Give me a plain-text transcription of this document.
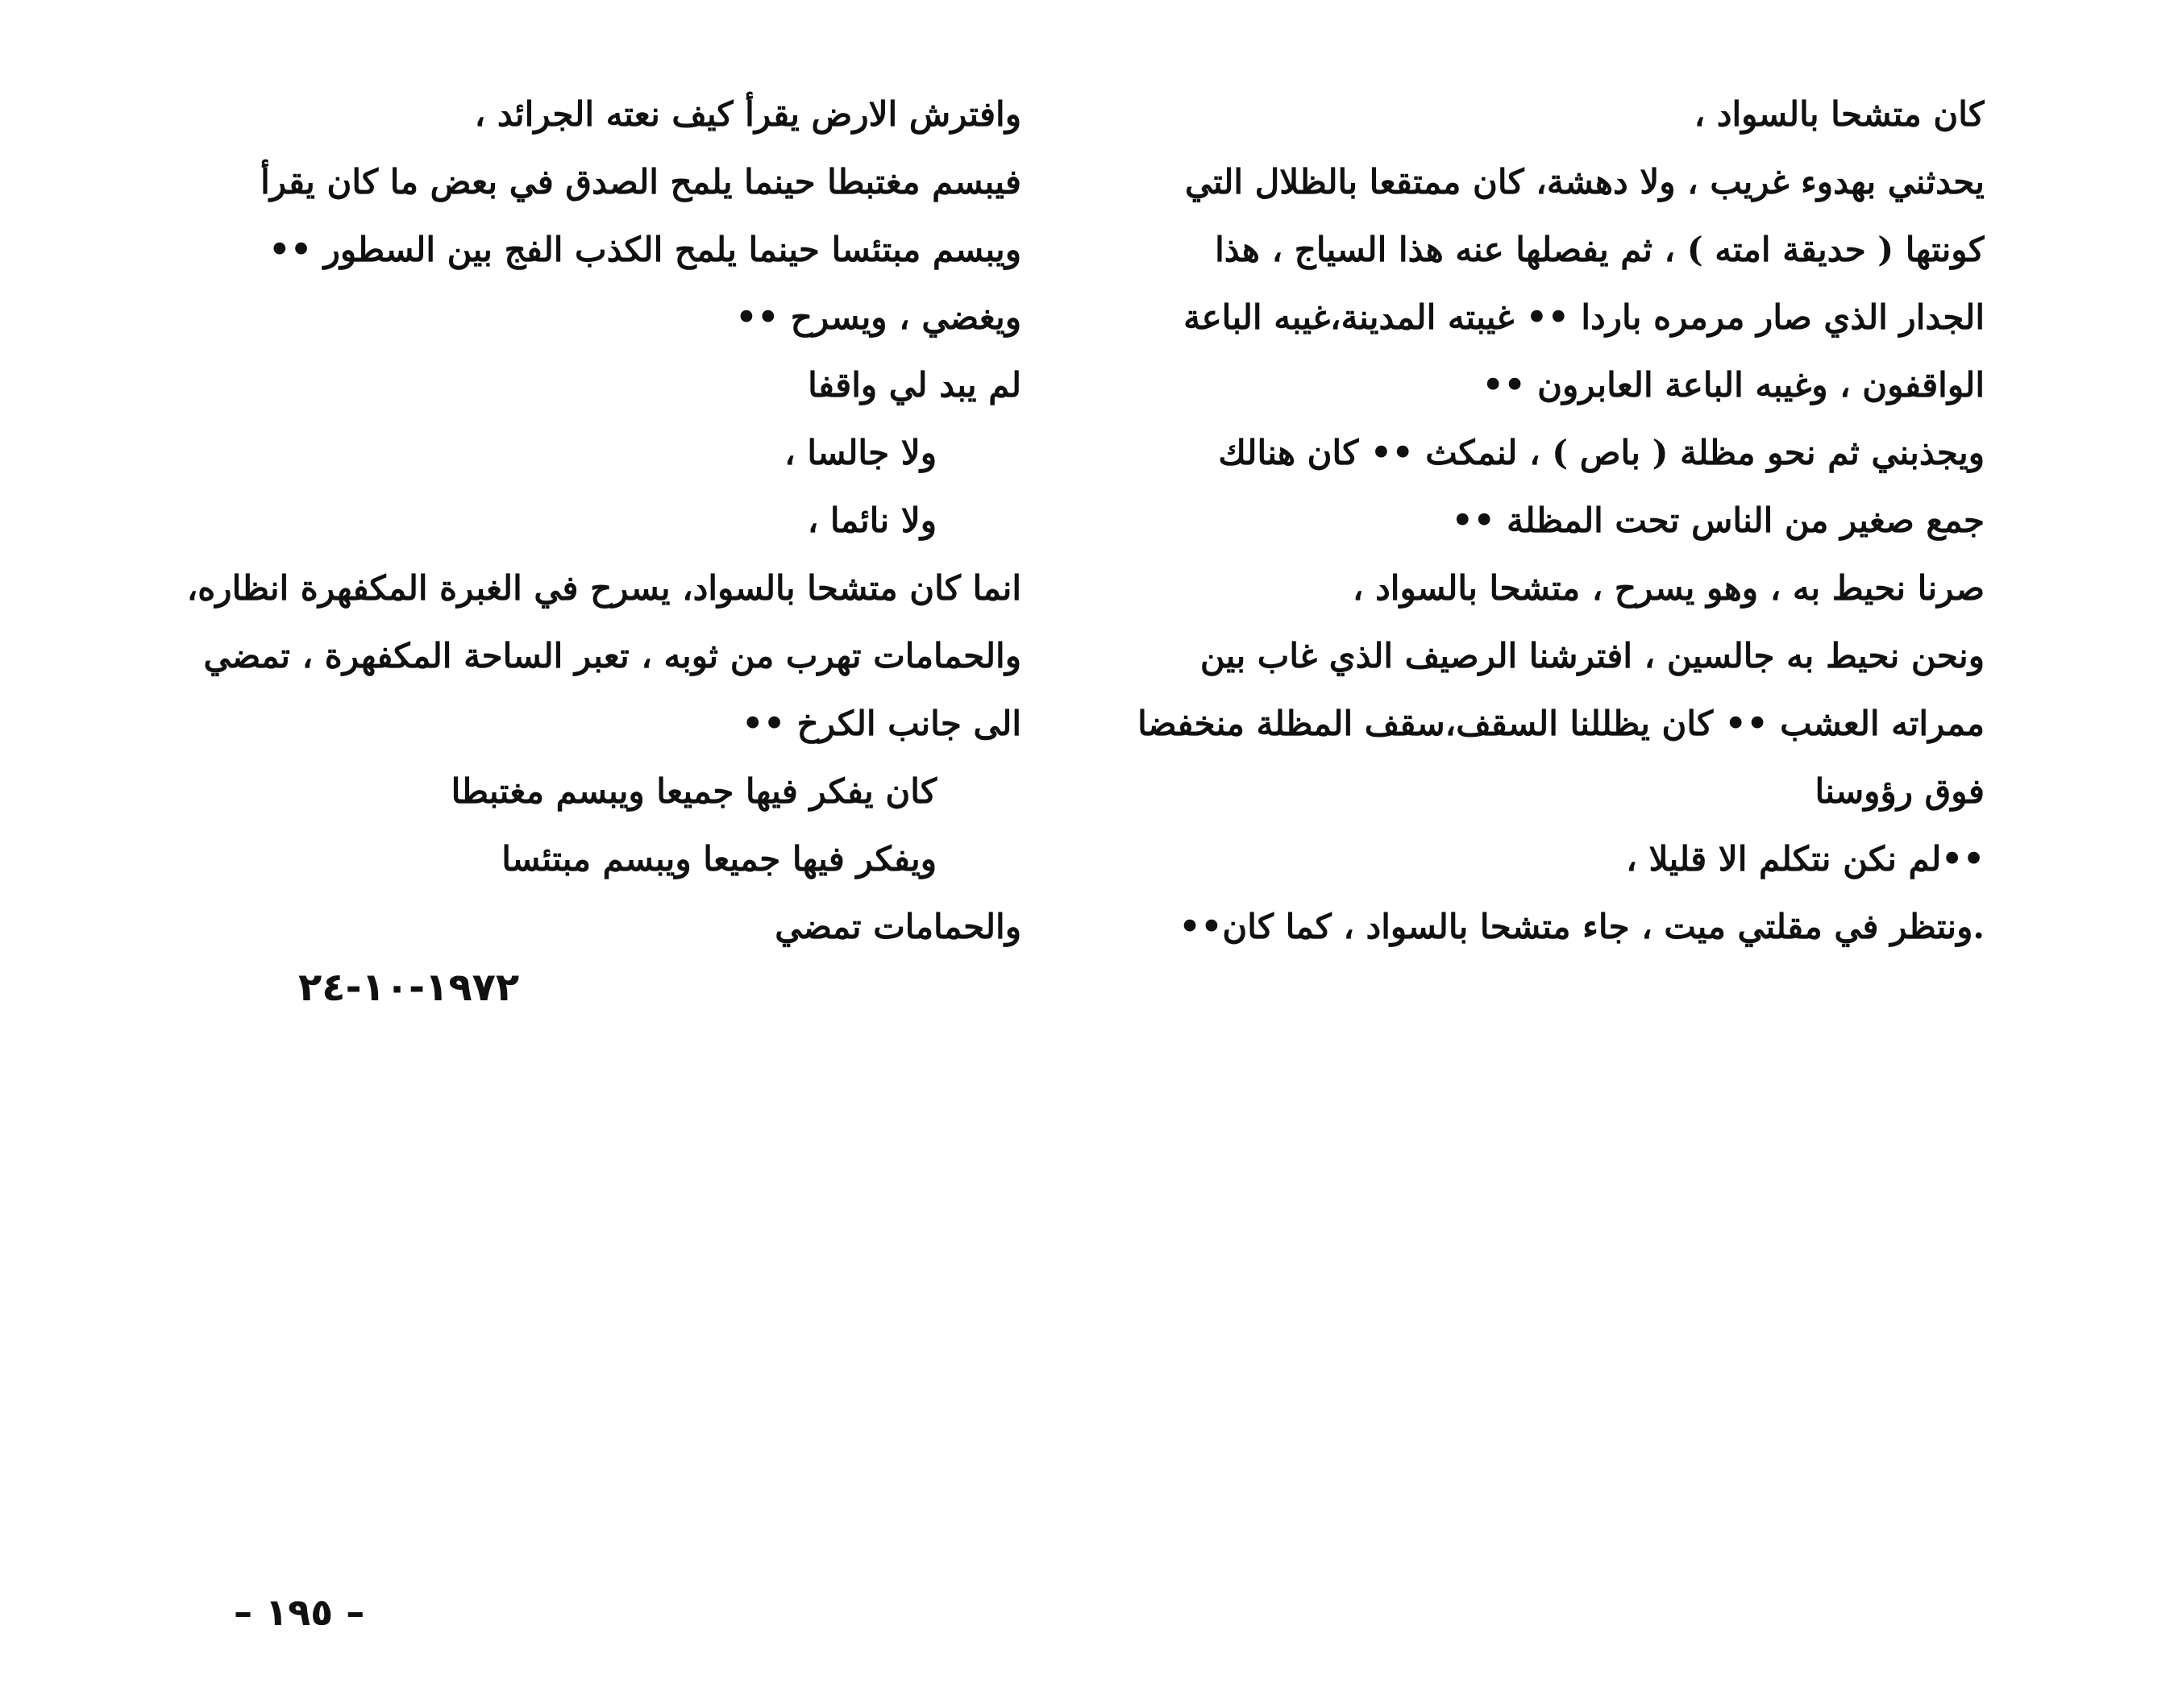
كان متشحا بالسواد ،
يحدثني بهدوء غريب ، ولا دهشة، كان ممتقعا بالظلال التي
كونتها ( حديقة امته ) ، ثم يفصلها عنه هذا السياج ، هذا
الجدار الذي صار مرمره باردا •• غيبته المدينة،غيبه الباعة
الواقفون ، وغيبه الباعة العابرون ••
ويجذبني ثم نحو مظلة ( باص ) ، لنمكث •• كان هنالك
جمع صغير من الناس تحت المظلة ••
صرنا نحيط به ، وهو يسرح ، متشحا بالسواد ،
ونحن نحيط به جالسين ، افترشنا الرصيف الذي غاب بين
ممراته العشب •• كان يظللنا السقف،سقف المظلة منخفضا
فوق رؤوسنا
••لم نكن نتكلم الا قليلا ،
.ونتظر في مقلتي ميت ، جاء متشحا بالسواد ، كما كان••
وافترش الارض يقرأ كيف نعته الجرائد ،
فيبسم مغتبطا حينما يلمح الصدق في بعض ما كان يقرأ
ويبسم مبتئسا حينما يلمح الكذب الفج بين السطور ••
ويغضي ، ويسرح ••
لم يبد لي واقفا
ولا جالسا ،
ولا نائما ،
انما كان متشحا بالسواد، يسرح في الغبرة المكفهرة انظاره،
والحمامات تهرب من ثوبه ، تعبر الساحة المكفهرة ، تمضي
الى جانب الكرخ ••
كان يفكر فيها جميعا ويبسم مغتبطا
ويفكر فيها جميعا ويبسم مبتئسا
والحمامات تمضي
١٩٧٢-١٠-٢٤
– ١٩٥ –
